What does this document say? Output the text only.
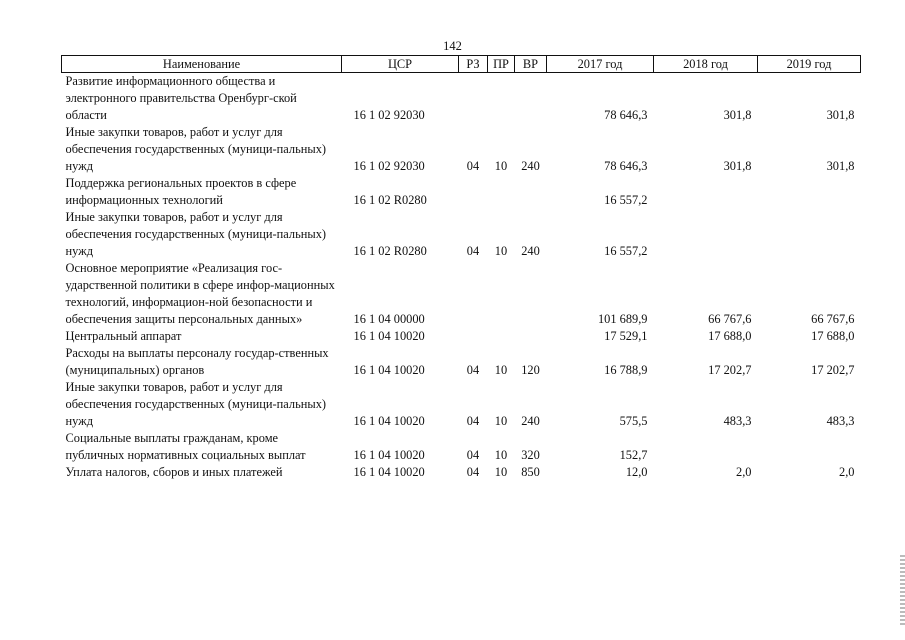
142
Наименование	ЦСР	РЗ	ПР	ВР	2017 год	2018 год	2019 год
Развитие информационного общества и электронного правительства Оренбург-ской области	16 1 02 92030				78 646,3	301,8	301,8
Иные закупки товаров, работ и услуг для обеспечения государственных (муници-пальных) нужд	16 1 02 92030	04	10	240	78 646,3	301,8	301,8
Поддержка региональных проектов в сфере информационных технологий	16 1 02 R0280				16 557,2		
Иные закупки товаров, работ и услуг для обеспечения государственных (муници-пальных) нужд	16 1 02 R0280	04	10	240	16 557,2		
Основное мероприятие «Реализация гос-ударственной политики в сфере инфор-мационных технологий, информацион-ной безопасности и обеспечения защиты персональных данных»	16 1 04 00000				101 689,9	66 767,6	66 767,6
Центральный аппарат	16 1 04 10020				17 529,1	17 688,0	17 688,0
Расходы на выплаты персоналу государ-ственных (муниципальных) органов	16 1 04 10020	04	10	120	16 788,9	17 202,7	17 202,7
Иные закупки товаров, работ и услуг для обеспечения государственных (муници-пальных) нужд	16 1 04 10020	04	10	240	575,5	483,3	483,3
Социальные выплаты гражданам, кроме публичных нормативных социальных выплат	16 1 04 10020	04	10	320	152,7		
Уплата налогов, сборов и иных платежей	16 1 04 10020	04	10	850	12,0	2,0	2,0
